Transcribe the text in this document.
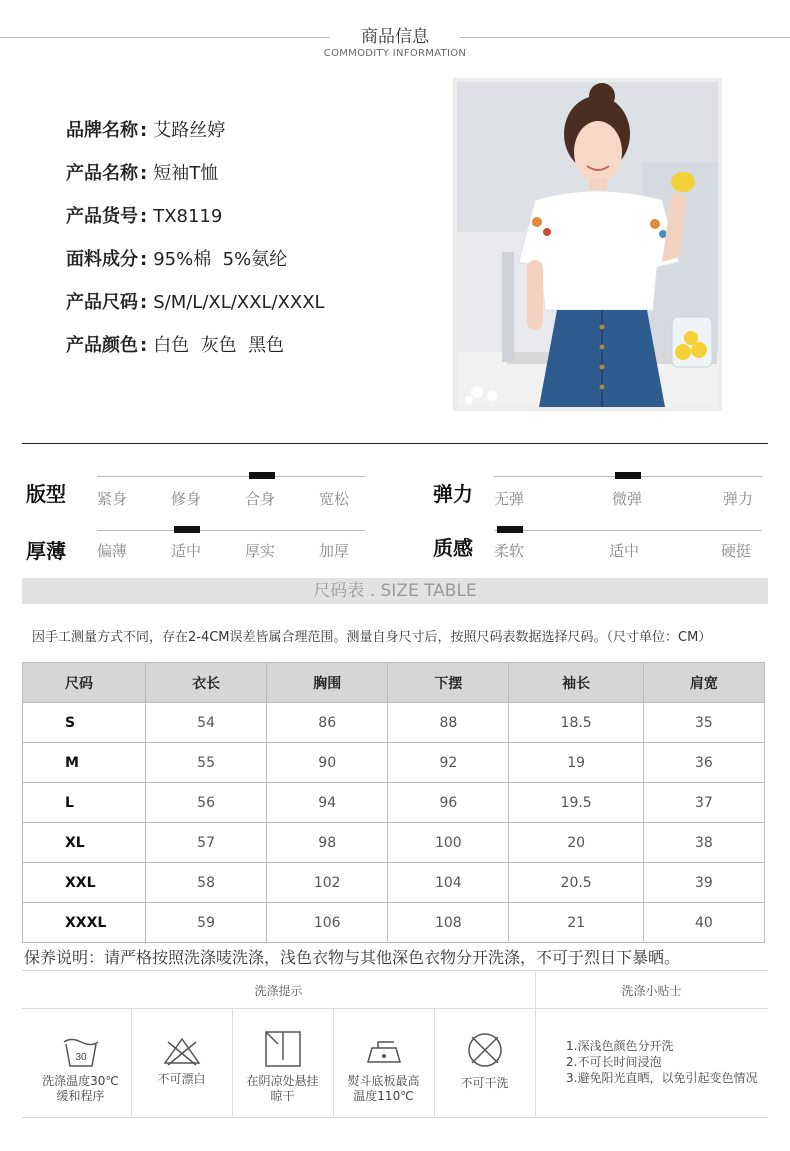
商品信息
COMMODITY INFORMATION
品牌名称 : 艾路丝婷
产品名称 : 短袖T恤
产品货号 : TX8119
面料成分 : 95%棉  5%氨纶
产品尺码 : S/M/L/XL/XXL/XXXL
产品颜色 : 白色  灰色  黑色
版型 紧身	修身	合身	宽松
厚薄 偏薄	适中	厚实	加厚
弹力 无弹	微弹	弹力
质感 柔软	适中	硬挺
尺码表 . SIZE TABLE
因手工测量方式不同，存在2-4CM误差皆属合理范围。测量自身尺寸后，按照尺码表数据选择尺码。（尺寸单位：CM）
尺码	衣长	胸围	下摆	袖长	肩宽
S	54	86	88	18.5	35
M	55	90	92	19	36
L	56	94	96	19.5	37
XL	57	98	100	20	38
XXL	58	102	104	20.5	39
XXXL	59	106	108	21	40
保养说明：请严格按照洗涤唛洗涤，浅色衣物与其他深色衣物分开洗涤，不可于烈日下暴晒。
洗涤提示	洗涤小贴士
30
洗涤温度30℃
缓和程序
不可漂白	在阴凉处悬挂
晾干
熨斗底板最高
温度110℃
不可干洗
1.深浅色颜色分开洗
2.不可长时间浸泡
3.避免阳光直晒，以免引起变色情况
